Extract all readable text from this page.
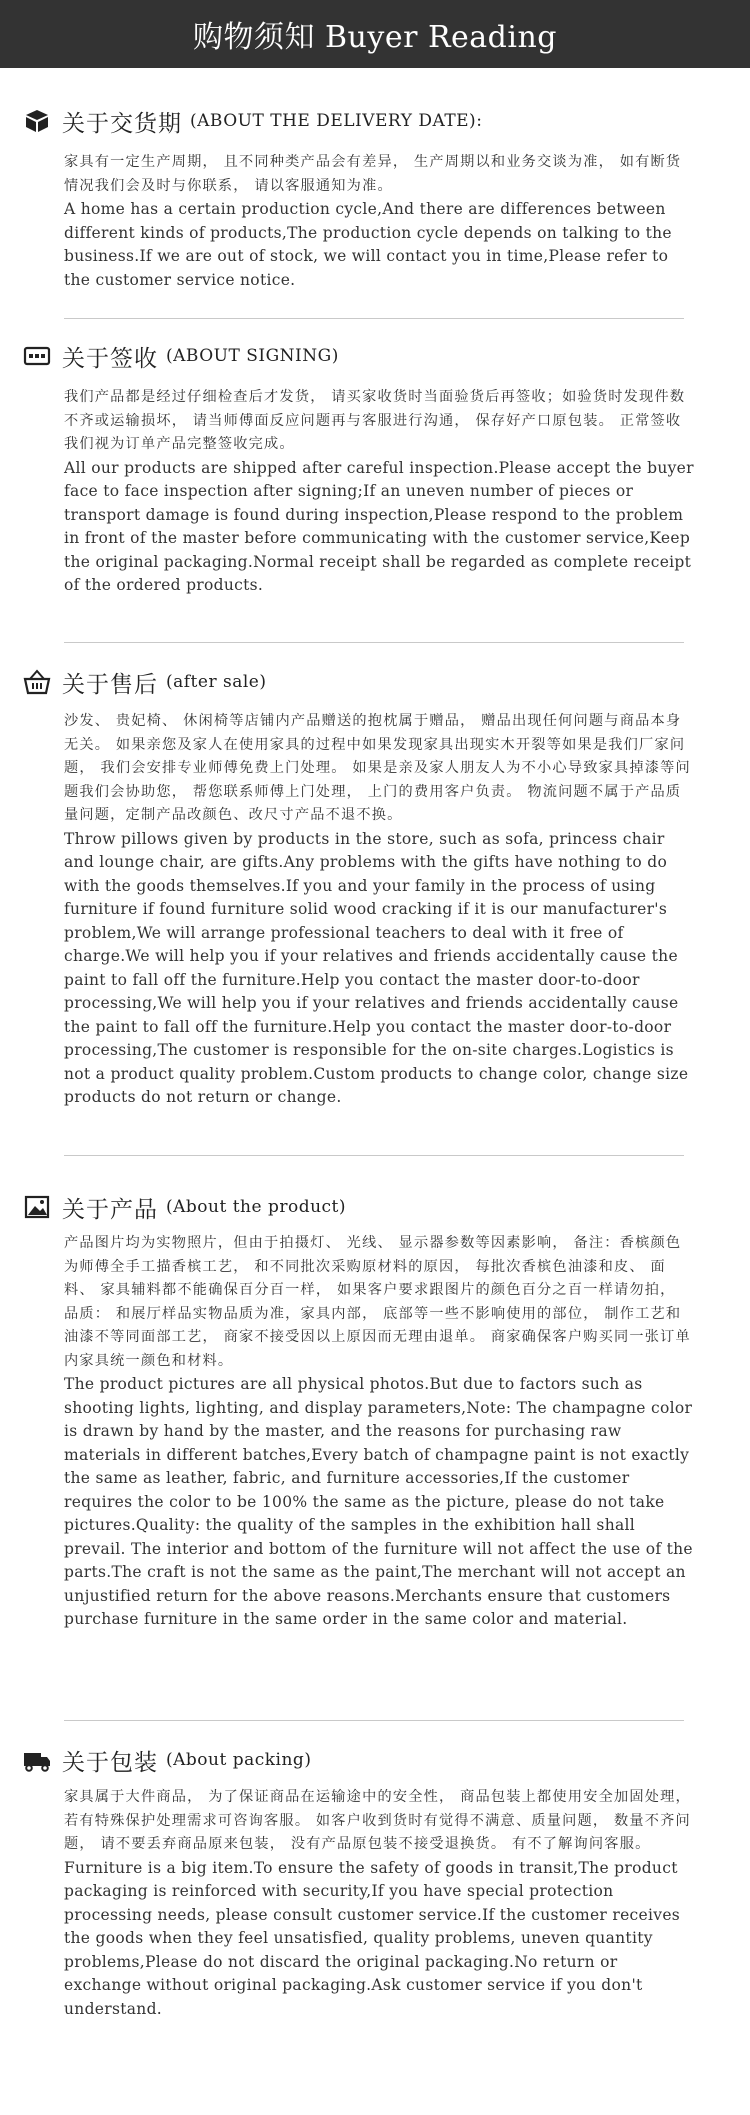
购物须知 Buyer Reading
关于交货期 (ABOUT THE DELIVERY DATE):

家具有一定生产周期， 且不同种类产品会有差异， 生产周期以和业务交谈为准， 如有断货情况我们会及时与你联系， 请以客服通知为准。

A home has a certain production cycle,And there are differences between different kinds of products,The production cycle depends on talking to the business.If we are out of stock, we will contact you in time,Please refer to the customer service notice.

关于签收 (ABOUT SIGNING)

我们产品都是经过仔细检查后才发货， 请买家收货时当面验货后再签收；如验货时发现件数不齐或运输损坏， 请当师傅面反应问题再与客服进行沟通， 保存好产口原包装。 正常签收我们视为订单产品完整签收完成。

All our products are shipped after careful inspection.Please accept the buyer face to face inspection after signing;If an uneven number of pieces or transport damage is found during inspection,Please respond to the problem in front of the master before communicating with the customer service,Keep the original packaging.Normal receipt shall be regarded as complete receipt of the ordered products.

关于售后 (after sale)

沙发、 贵妃椅、 休闲椅等店铺内产品赠送的抱枕属于赠品， 赠品出现任何问题与商品本身无关。 如果亲您及家人在使用家具的过程中如果发现家具出现实木开裂等如果是我们厂家问题， 我们会安排专业师傅免费上门处理。 如果是亲及家人朋友人为不小心导致家具掉漆等问题我们会协助您， 帮您联系师傅上门处理， 上门的费用客户负责。 物流问题不属于产品质量问题，定制产品改颜色、改尺寸产品不退不换。

Throw pillows given by products in the store, such as sofa, princess chair and lounge chair, are gifts.Any problems with the gifts have nothing to do with the goods themselves.If you and your family in the process of using furniture if found furniture solid wood cracking if it is our manufacturer's problem,We will arrange professional teachers to deal with it free of charge.We will help you if your relatives and friends accidentally cause the paint to fall off the furniture.Help you contact the master door-to-door processing,We will help you if your relatives and friends accidentally cause the paint to fall off the furniture.Help you contact the master door-to-door processing,The customer is responsible for the on-site charges.Logistics is not a product quality problem.Custom products to change color, change size products do not return or change.

关于产品 (About the product)

产品图片均为实物照片，但由于拍摄灯、 光线、 显示器参数等因素影响， 备注：香槟颜色为师傅全手工描香槟工艺， 和不同批次采购原材料的原因， 每批次香槟色油漆和皮、 面料、 家具辅料都不能确保百分百一样， 如果客户要求跟图片的颜色百分之百一样请勿拍， 品质： 和展厅样品实物品质为准，家具内部， 底部等一些不影响使用的部位， 制作工艺和油漆不等同面部工艺， 商家不接受因以上原因而无理由退单。 商家确保客户购买同一张订单内家具统一颜色和材料。

The product pictures are all physical photos.But due to factors such as shooting lights, lighting, and display parameters,Note: The champagne color is drawn by hand by the master, and the reasons for purchasing raw materials in different batches,Every batch of champagne paint is not exactly the same as leather, fabric, and furniture accessories,If the customer requires the color to be 100% the same as the picture, please do not take pictures.Quality: the quality of the samples in the exhibition hall shall prevail. The interior and bottom of the furniture will not affect the use of the parts.The craft is not the same as the paint,The merchant will not accept an unjustified return for the above reasons.Merchants ensure that customers purchase furniture in the same order in the same color and material.

关于包装 (About packing)

家具属于大件商品， 为了保证商品在运输途中的安全性， 商品包装上都使用安全加固处理， 若有特殊保护处理需求可咨询客服。 如客户收到货时有觉得不满意、质量问题， 数量不齐问题， 请不要丢弃商品原来包装， 没有产品原包装不接受退换货。 有不了解询问客服。

Furniture is a big item.To ensure the safety of goods in transit,The product packaging is reinforced with security,If you have special protection processing needs, please consult customer service.If the customer receives the goods when they feel unsatisfied, quality problems, uneven quantity problems,Please do not discard the original packaging.No return or exchange without original packaging.Ask customer service if you don't understand.
